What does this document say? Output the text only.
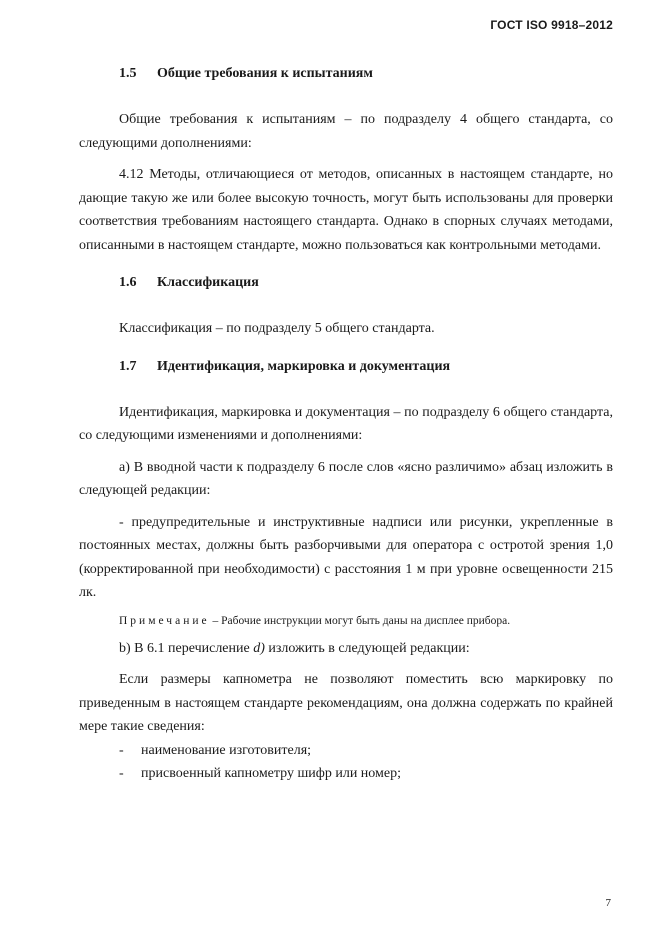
ГОСТ ISO 9918–2012
1.5 Общие требования к испытаниям

Общие требования к испытаниям – по подразделу 4 общего стандарта, со следующими дополнениями:

4.12 Методы, отличающиеся от методов, описанных в настоящем стандарте, но дающие такую же или более высокую точность, могут быть использованы для проверки соответствия требованиям настоящего стандарта. Однако в спорных случаях методами, описанными в настоящем стандарте, можно пользоваться как контрольными методами.

1.6 Классификация

Классификация – по подразделу 5 общего стандарта.

1.7 Идентификация, маркировка и документация

Идентификация, маркировка и документация – по подразделу 6 общего стандарта, со следующими изменениями и дополнениями:

а) В вводной части к подразделу 6 после слов «ясно различимо» абзац изложить в следующей редакции:

- предупредительные и инструктивные надписи или рисунки, укрепленные в постоянных местах, должны быть разборчивыми для оператора с остротой зрения 1,0 (корректированной при необходимости) с расстояния 1 м при уровне освещенности 215 лк.

Примечание – Рабочие инструкции могут быть даны на дисплее прибора.

b) В 6.1 перечисление d) изложить в следующей редакции:

Если размеры капнометра не позволяют поместить всю маркировку по приведенным в настоящем стандарте рекомендациям, она должна содержать по крайней мере такие сведения:

- наименование изготовителя;
- присвоенный капнометру шифр или номер;
7
